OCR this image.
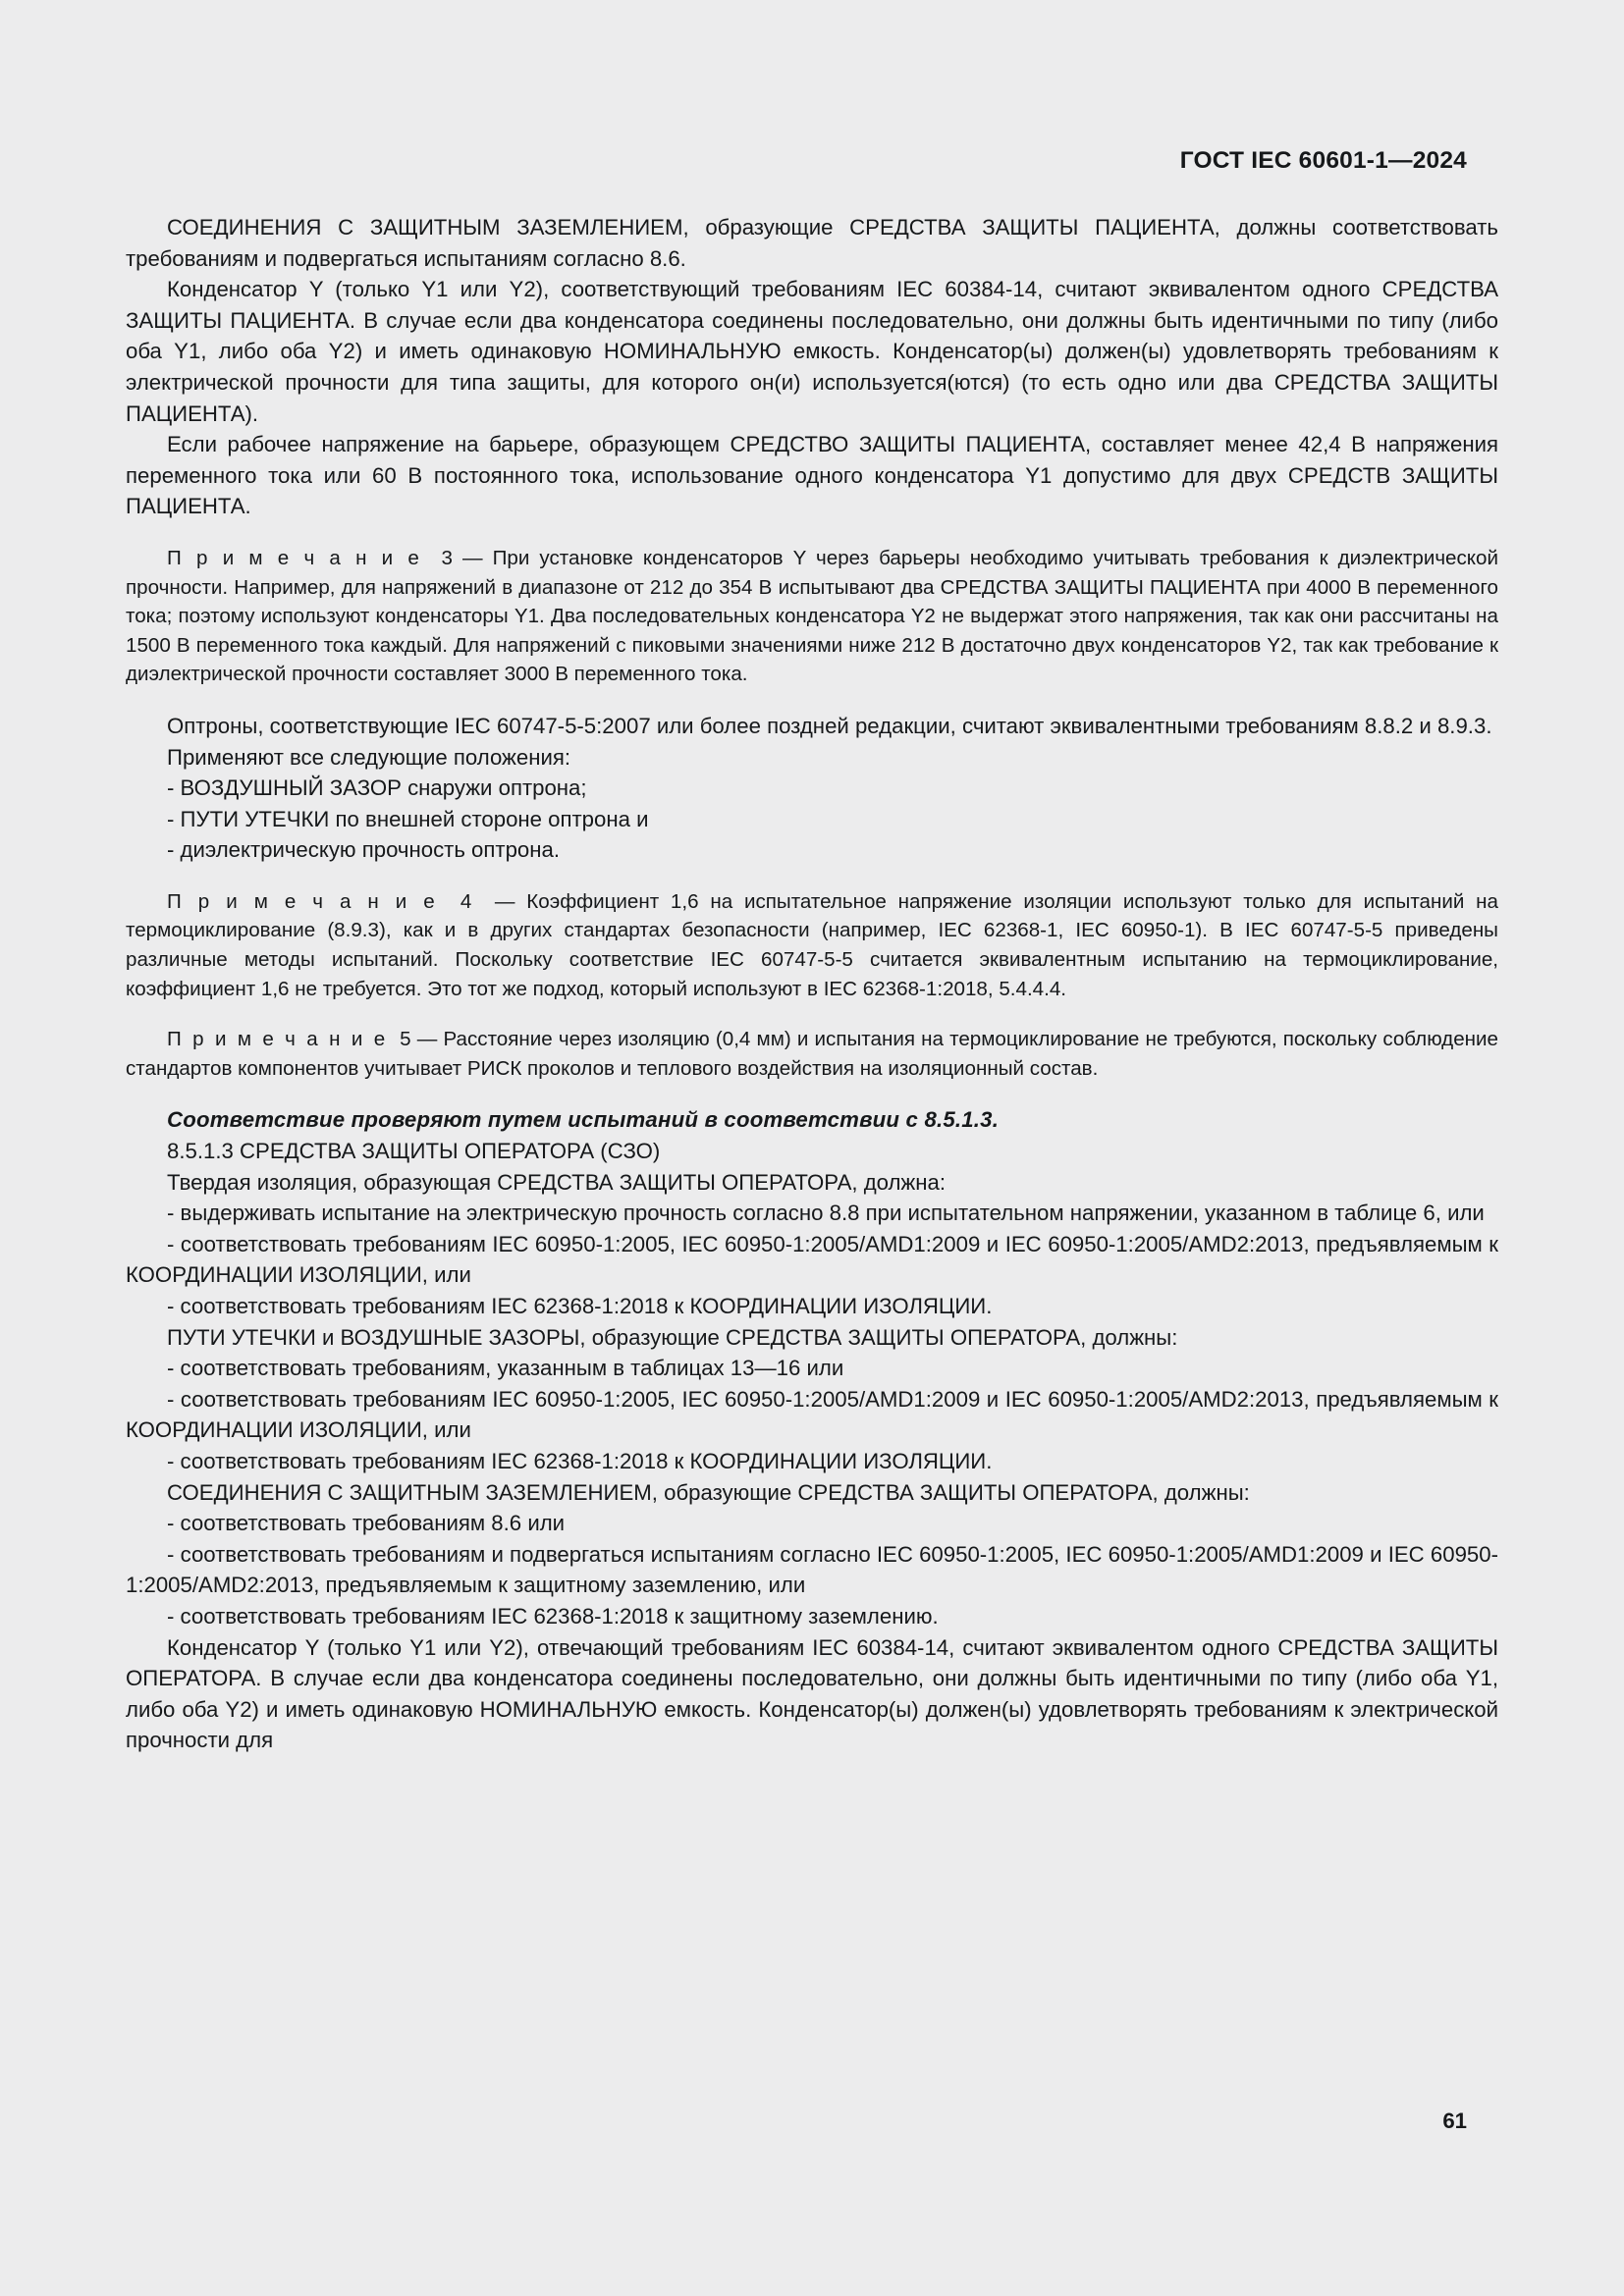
ГОСТ IEC 60601-1—2024

СОЕДИНЕНИЯ С ЗАЩИТНЫМ ЗАЗЕМЛЕНИЕМ, образующие СРЕДСТВА ЗАЩИТЫ ПАЦИЕНТА, должны соответствовать требованиям и подвергаться испытаниям согласно 8.6.

Конденсатор Y (только Y1 или Y2), соответствующий требованиям IEC 60384-14, считают эквивалентом одного СРЕДСТВА ЗАЩИТЫ ПАЦИЕНТА. В случае если два конденсатора соединены последовательно, они должны быть идентичными по типу (либо оба Y1, либо оба Y2) и иметь одинаковую НОМИНАЛЬНУЮ емкость. Конденсатор(ы) должен(ы) удовлетворять требованиям к электрической прочности для типа защиты, для которого он(и) используется(ются) (то есть одно или два СРЕДСТВА ЗАЩИТЫ ПАЦИЕНТА).

Если рабочее напряжение на барьере, образующем СРЕДСТВО ЗАЩИТЫ ПАЦИЕНТА, составляет менее 42,4 В напряжения переменного тока или 60 В постоянного тока, использование одного конденсатора Y1 допустимо для двух СРЕДСТВ ЗАЩИТЫ ПАЦИЕНТА.

П р и м е ч а н и е 3 — При установке конденсаторов Y через барьеры необходимо учитывать требования к диэлектрической прочности. Например, для напряжений в диапазоне от 212 до 354 В испытывают два СРЕДСТВА ЗАЩИТЫ ПАЦИЕНТА при 4000 В переменного тока; поэтому используют конденсаторы Y1. Два последовательных конденсатора Y2 не выдержат этого напряжения, так как они рассчитаны на 1500 В переменного тока каждый. Для напряжений с пиковыми значениями ниже 212 В достаточно двух конденсаторов Y2, так как требование к диэлектрической прочности составляет 3000 В переменного тока.

Оптроны, соответствующие IEC 60747-5-5:2007 или более поздней редакции, считают эквивалентными требованиям 8.8.2 и 8.9.3.

Применяют все следующие положения:

- ВОЗДУШНЫЙ ЗАЗОР снаружи оптрона;

- ПУТИ УТЕЧКИ по внешней стороне оптрона и

- диэлектрическую прочность оптрона.

П р и м е ч а н и е 4  — Коэффициент 1,6 на испытательное напряжение изоляции используют только для испытаний на термоциклирование (8.9.3), как и в других стандартах безопасности (например, IEC 62368-1, IEC 60950-1). В IEC 60747-5-5 приведены различные методы испытаний. Поскольку соответствие IEC 60747-5-5 считается эквивалентным испытанию на термоциклирование, коэффициент 1,6 не требуется. Это тот же подход, который используют в IEC 62368-1:2018, 5.4.4.4.

П р и м е ч а н и е 5 — Расстояние через изоляцию (0,4 мм) и испытания на термоциклирование не требуются, поскольку соблюдение стандартов компонентов учитывает РИСК проколов и теплового воздействия на изоляционный состав.

Соответствие проверяют путем испытаний в соответствии с 8.5.1.3.

8.5.1.3 СРЕДСТВА ЗАЩИТЫ ОПЕРАТОРА (СЗО)

Твердая изоляция, образующая СРЕДСТВА ЗАЩИТЫ ОПЕРАТОРА, должна:

- выдерживать испытание на электрическую прочность согласно 8.8 при испытательном напряжении, указанном в таблице 6, или

- соответствовать требованиям IEC 60950-1:2005, IEC 60950-1:2005/AMD1:2009 и IEC 60950-1:2005/AMD2:2013, предъявляемым к КООРДИНАЦИИ ИЗОЛЯЦИИ, или

- соответствовать требованиям IEC 62368-1:2018 к КООРДИНАЦИИ ИЗОЛЯЦИИ.

ПУТИ УТЕЧКИ и ВОЗДУШНЫЕ ЗАЗОРЫ, образующие СРЕДСТВА ЗАЩИТЫ ОПЕРАТОРА, должны:

- соответствовать требованиям, указанным в таблицах 13—16 или

- соответствовать требованиям IEC 60950-1:2005, IEC 60950-1:2005/AMD1:2009 и IEC 60950-1:2005/AMD2:2013, предъявляемым к КООРДИНАЦИИ ИЗОЛЯЦИИ, или

- соответствовать требованиям IEC 62368-1:2018 к КООРДИНАЦИИ ИЗОЛЯЦИИ.

СОЕДИНЕНИЯ С ЗАЩИТНЫМ ЗАЗЕМЛЕНИЕМ, образующие СРЕДСТВА ЗАЩИТЫ ОПЕРАТОРА, должны:

- соответствовать требованиям 8.6 или

- соответствовать требованиям и подвергаться испытаниям согласно IEC 60950-1:2005, IEC 60950-1:2005/AMD1:2009 и IEC 60950-1:2005/AMD2:2013, предъявляемым к защитному заземлению, или

- соответствовать требованиям IEC 62368-1:2018 к защитному заземлению.

Конденсатор Y (только Y1 или Y2), отвечающий требованиям IEC 60384-14, считают эквивалентом одного СРЕДСТВА ЗАЩИТЫ ОПЕРАТОРА. В случае если два конденсатора соединены последовательно, они должны быть идентичными по типу (либо оба Y1, либо оба Y2) и иметь одинаковую НОМИНАЛЬНУЮ емкость. Конденсатор(ы) должен(ы) удовлетворять требованиям к электрической прочности для

61
